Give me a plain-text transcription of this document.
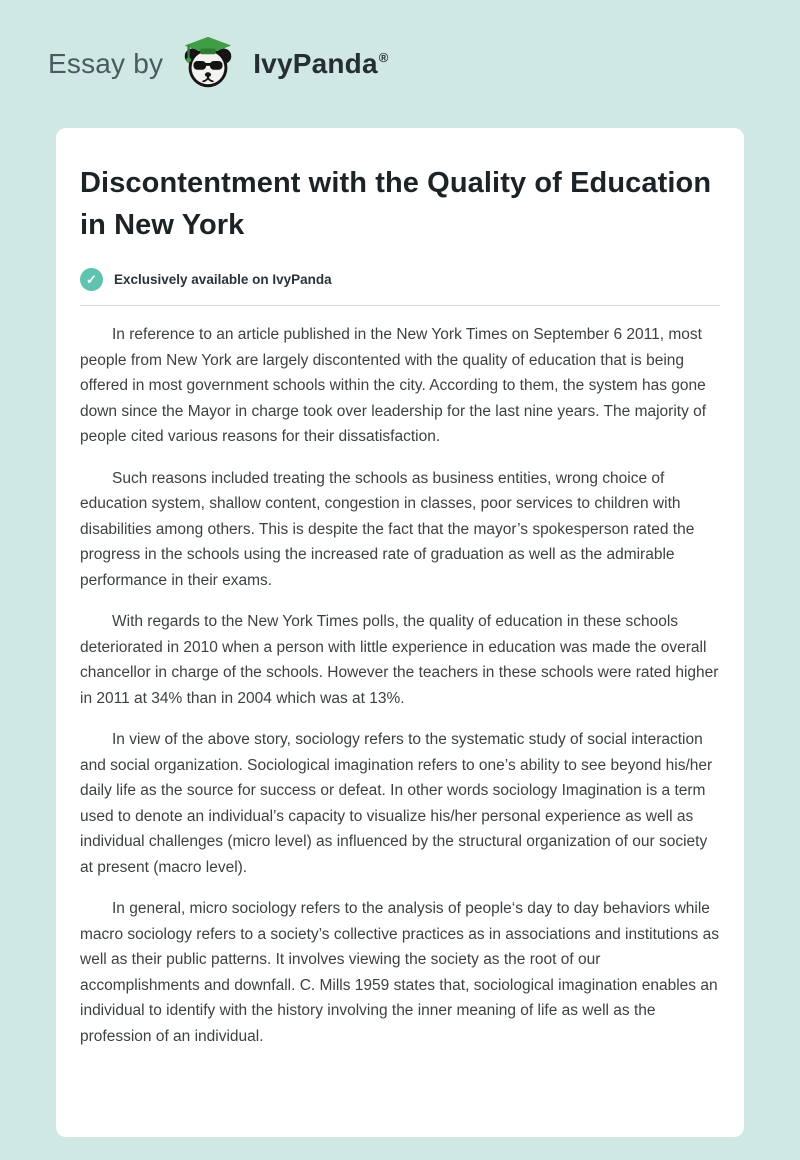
Essay by	IvyPanda®
Discontentment with the Quality of Education in New York
✓	Exclusively available on IvyPanda

In reference to an article published in the New York Times on September 6 2011, most people from New York are largely discontented with the quality of education that is being offered in most government schools within the city. According to them, the system has gone down since the Mayor in charge took over leadership for the last nine years. The majority of people cited various reasons for their dissatisfaction.

Such reasons included treating the schools as business entities, wrong choice of education system, shallow content, congestion in classes, poor services to children with disabilities among others. This is despite the fact that the mayor’s spokesperson rated the progress in the schools using the increased rate of graduation as well as the admirable performance in their exams.

With regards to the New York Times polls, the quality of education in these schools deteriorated in 2010 when a person with little experience in education was made the overall chancellor in charge of the schools. However the teachers in these schools were rated higher in 2011 at 34% than in 2004 which was at 13%.

In view of the above story, sociology refers to the systematic study of social interaction and social organization. Sociological imagination refers to one’s ability to see beyond his/her daily life as the source for success or defeat. In other words sociology Imagination is a term used to denote an individual’s capacity to visualize his/her personal experience as well as individual challenges (micro level) as influenced by the structural organization of our society at present (macro level).

In general, micro sociology refers to the analysis of people‘s day to day behaviors while macro sociology refers to a society’s collective practices as in associations and institutions as well as their public patterns. It involves viewing the society as the root of our accomplishments and downfall. C. Mills 1959 states that, sociological imagination enables an individual to identify with the history involving the inner meaning of life as well as the profession of an individual.
